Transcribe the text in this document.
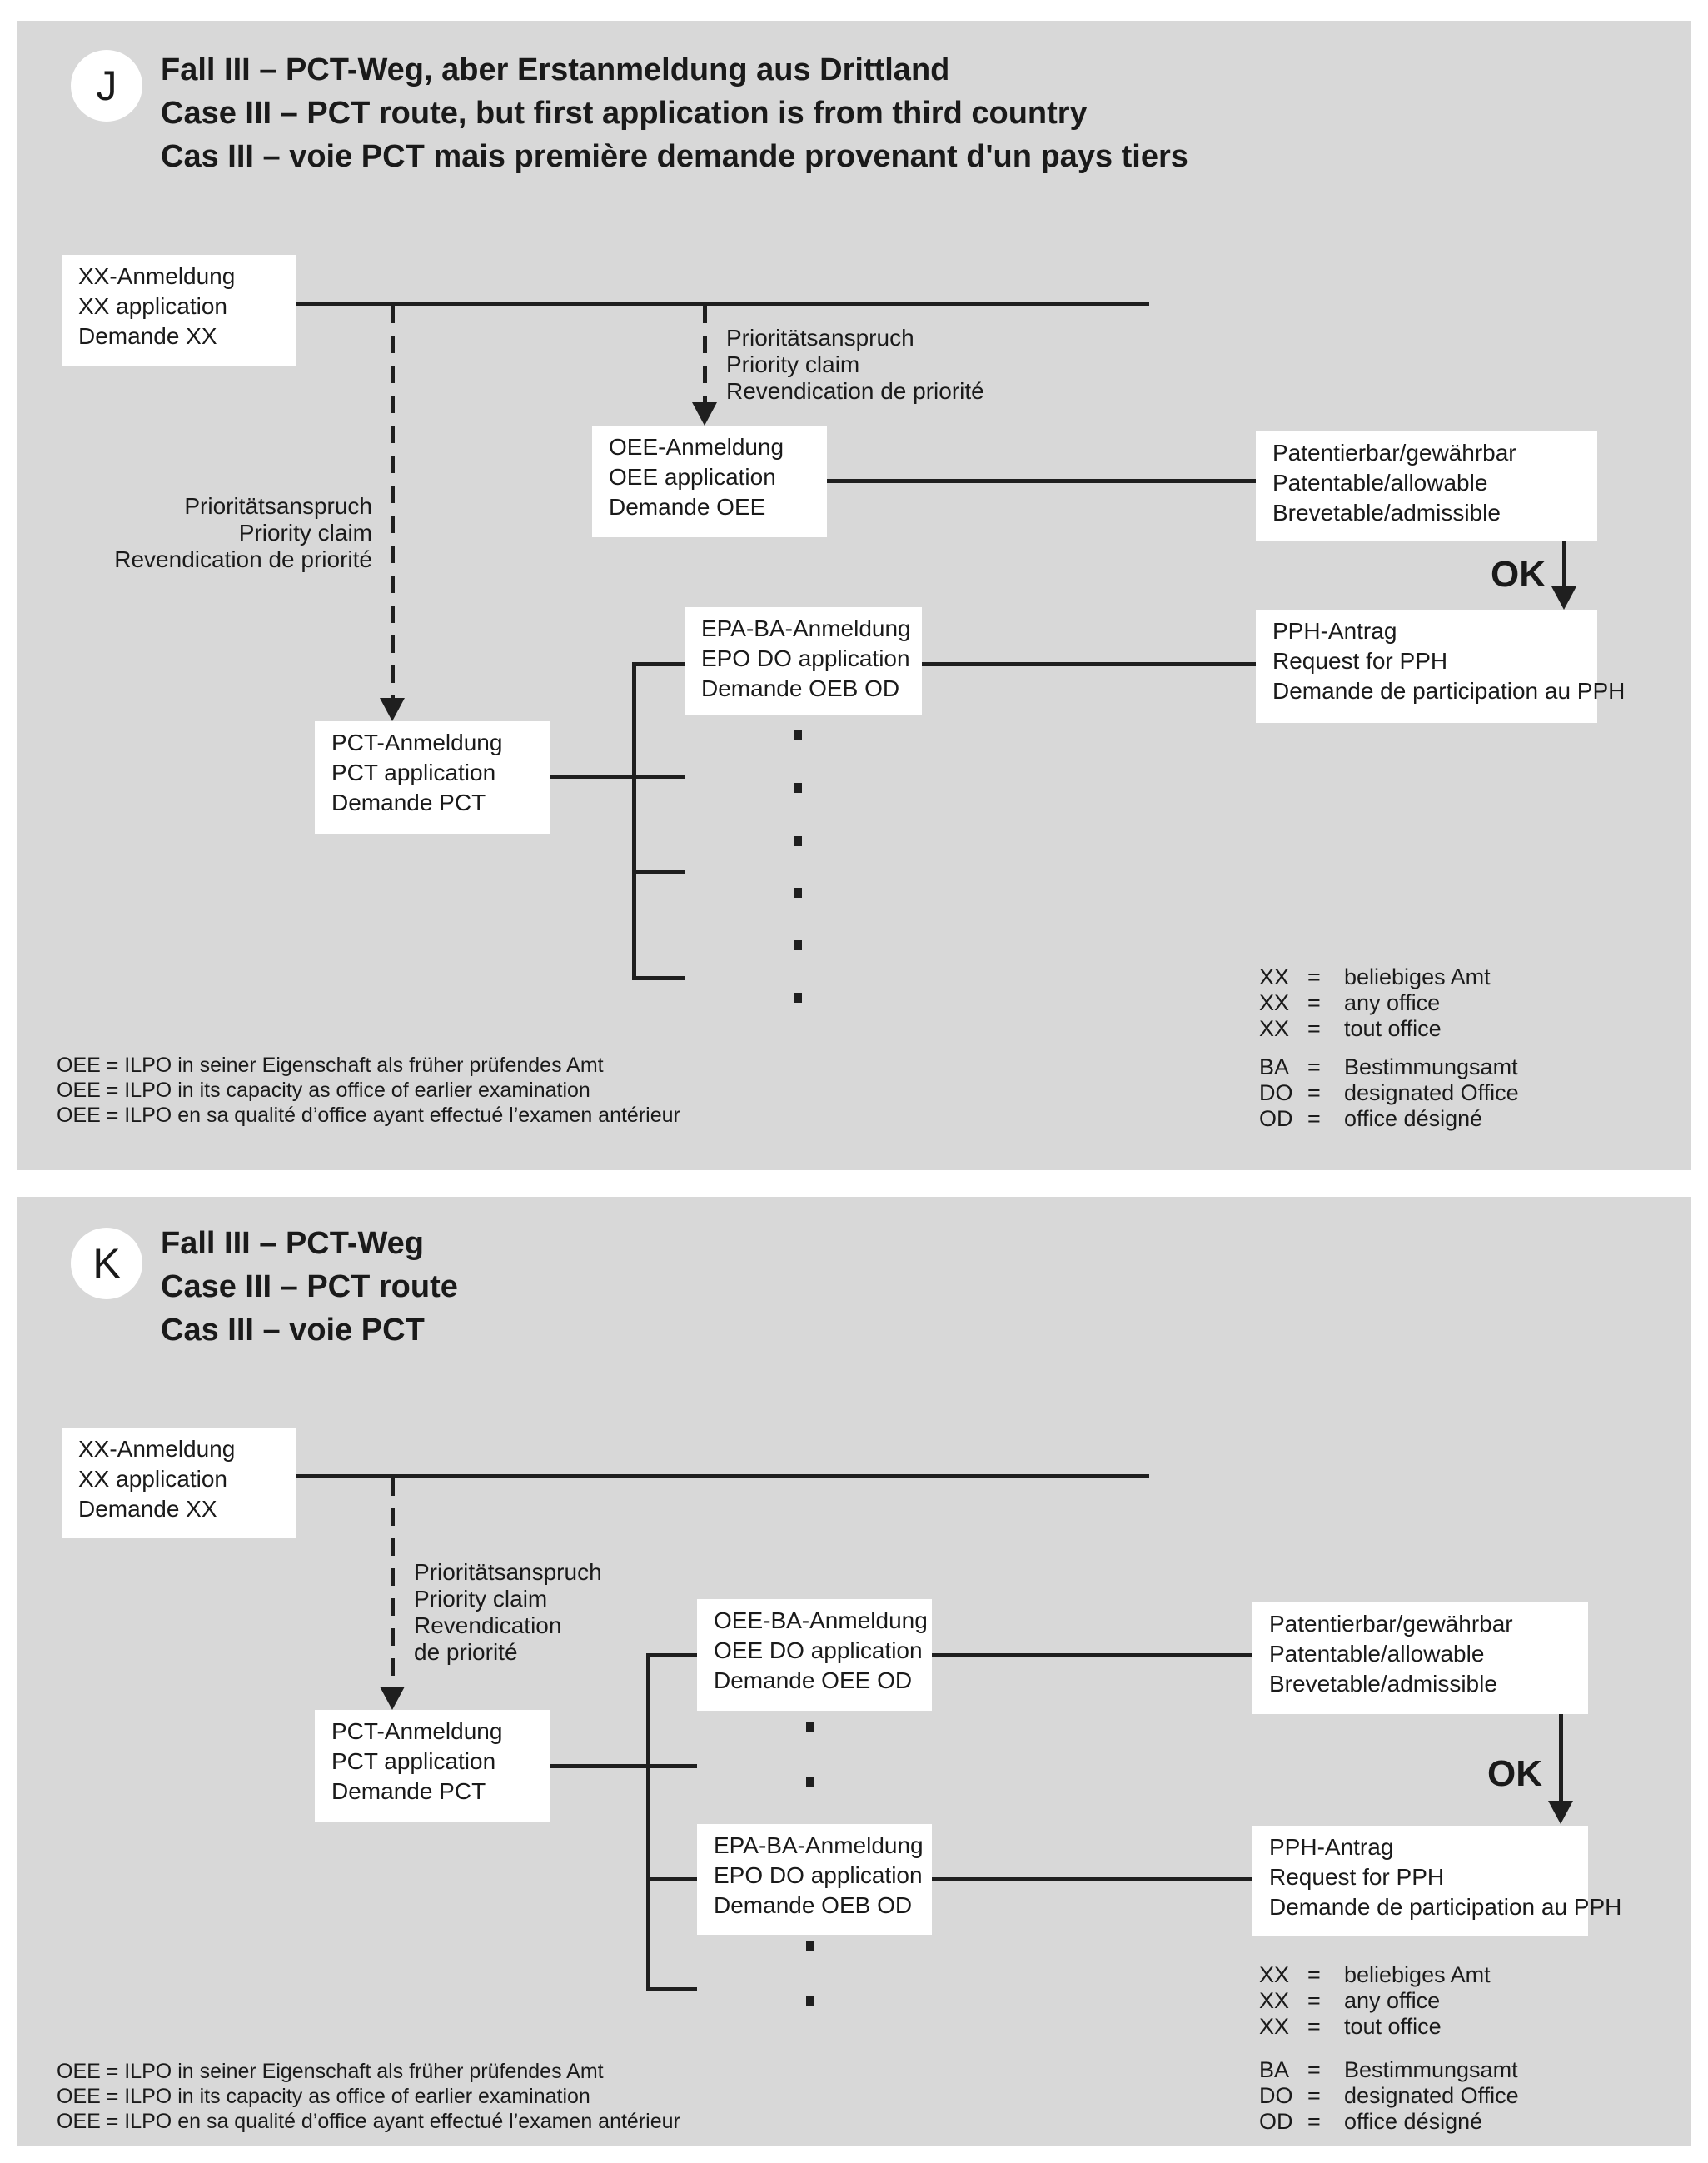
J Fall III – PCT-Weg, aber Erstanmeldung aus Drittland
Case III – PCT route, but first application is from third country
Cas III – voie PCT mais première demande provenant d'un pays tiers
XX-Anmeldung
XX application
Demande XX
Prioritätsanspruch
Priority claim
Revendication de priorité
Prioritätsanspruch
Priority claim
Revendication de priorité
OEE-Anmeldung
OEE application
Demande OEE
Patentierbar/gewährbar
Patentable/allowable
Brevetable/admissible
OK
PPH-Antrag
Request for PPH
Demande de participation au PPH
EPA-BA-Anmeldung
EPO DO application
Demande OEB OD
PCT-Anmeldung
PCT application
Demande PCT
XX =	beliebiges Amt
XX =	any office
XX =	tout office
BA =	Bestimmungsamt
DO =	designated Office
OD =	office désigné
OEE = ILPO in seiner Eigenschaft als früher prüfendes Amt
OEE = ILPO in its capacity as office of earlier examination
OEE = ILPO en sa qualité d’office ayant effectué l’examen antérieur
K Fall III – PCT-Weg
Case III – PCT route
Cas III – voie PCT
XX-Anmeldung
XX application
Demande XX
Prioritätsanspruch
Priority claim
Revendication
de priorité
PCT-Anmeldung
PCT application
Demande PCT
OEE-BA-Anmeldung
OEE DO application
Demande OEE OD
Patentierbar/gewährbar
Patentable/allowable
Brevetable/admissible
OK
PPH-Antrag
Request for PPH
Demande de participation au PPH
EPA-BA-Anmeldung
EPO DO application
Demande OEB OD
XX =	beliebiges Amt
XX =	any office
XX =	tout office
BA =	Bestimmungsamt
DO =	designated Office
OD =	office désigné
OEE = ILPO in seiner Eigenschaft als früher prüfendes Amt
OEE = ILPO in its capacity as office of earlier examination
OEE = ILPO en sa qualité d’office ayant effectué l’examen antérieur
